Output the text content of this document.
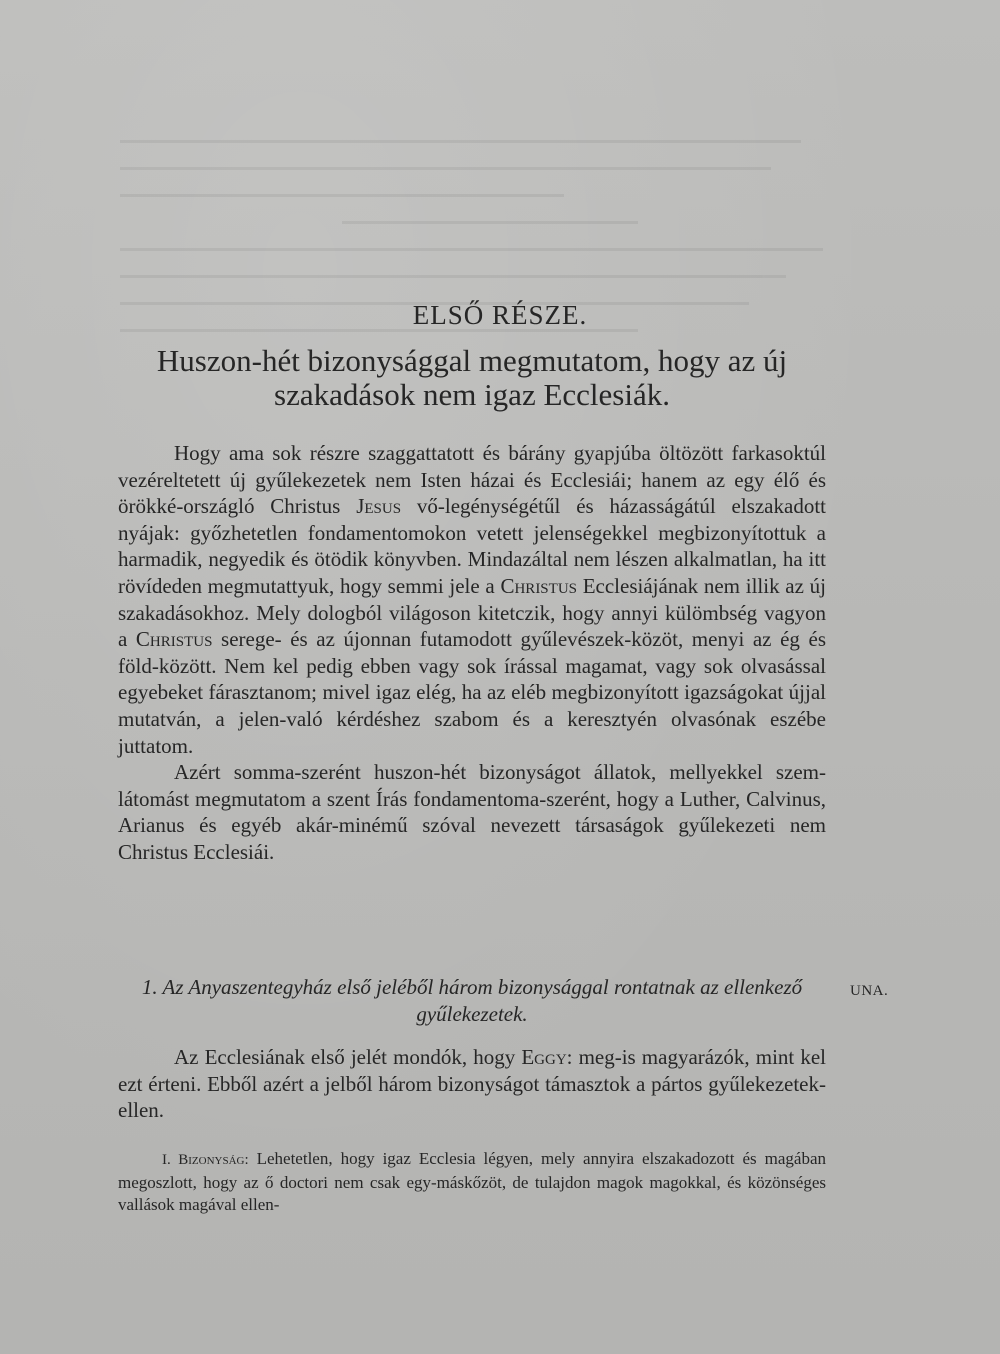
ELSŐ RÉSZE.
Huszon-hét bizonysággal megmutatom, hogy az új szakadások nem igaz Ecclesiák.

Hogy ama sok részre szaggattatott és bárány gyapjúba öltözött farkasoktúl vezéreltetett új gyűlekezetek nem Isten házai és Ecclesiái; hanem az egy élő és örökké-országló Christus Jesus vő-legénységétűl és házasságátúl elszakadott nyájak: győzhetetlen fondamentomokon vetett jelenségekkel megbizonyítottuk a harmadik, negyedik és ötödik könyvben. Mindazáltal nem lészen alkalmatlan, ha itt rövídeden megmutattyuk, hogy semmi jele a Christus Ecclesiájának nem illik az új szakadásokhoz. Mely dologból világoson kitetczik, hogy annyi külömbség vagyon a Christus serege- és az újonnan futamodott gyűlevészek-közöt, menyi az ég és föld-között. Nem kel pedig ebben vagy sok írással magamat, vagy sok olvasással egyebeket fárasztanom; mivel igaz elég, ha az eléb megbizonyított igazságokat újjal mutatván, a jelen-való kérdéshez szabom és a keresztyén olvasónak eszébe juttatom.

Azért somma-szerént huszon-hét bizonyságot állatok, mellyekkel szem-látomást megmutatom a szent Írás fondamentoma-szerént, hogy a Luther, Calvinus, Arianus és egyéb akár-minémű szóval nevezett társaságok gyűlekezeti nem Christus Ecclesiái.

1. Az Anyaszentegyház első jeléből három bizonysággal rontatnak az ellenkező gyűlekezetek.
UNA.

Az Ecclesiának első jelét mondók, hogy Eggy: meg-is magyarázók, mint kel ezt érteni. Ebből azért a jelből három bizonyságot támasztok a pártos gyűlekezetek-ellen.

I. Bizonyság: Lehetetlen, hogy igaz Ecclesia légyen, mely annyira elszakadozott és magában megoszlott, hogy az ő doctori nem csak egy-máskőzöt, de tulajdon magok magokkal, és közönséges vallások magával ellen-
